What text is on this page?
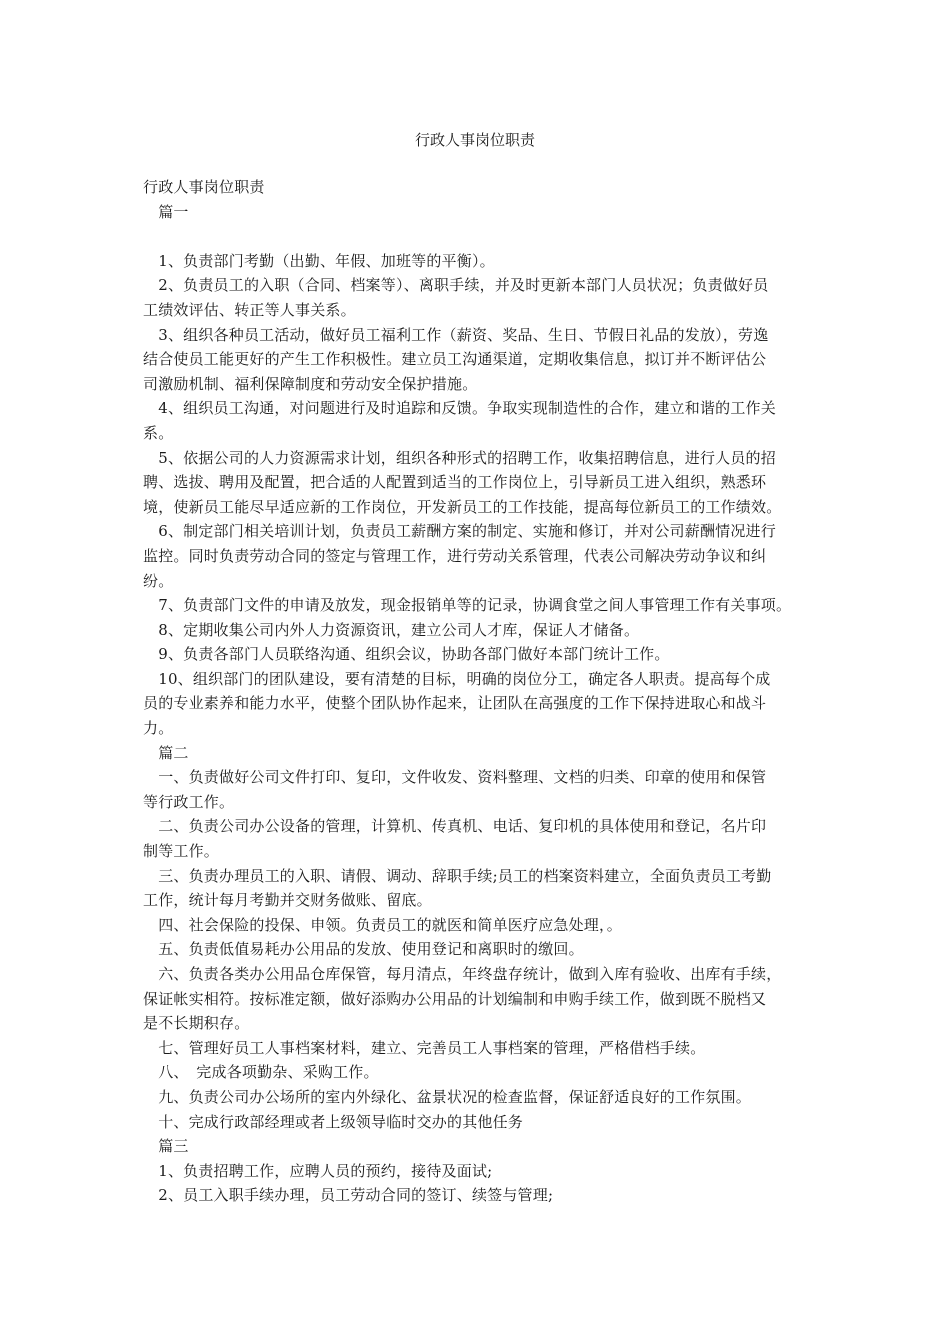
行政人事岗位职责
行政人事岗位职责
　篇一
　1、负责部门考勤（出勤、年假、加班等的平衡）。
　2、负责员工的入职（合同、档案等）、离职手续，并及时更新本部门人员状况；负责做好员
工绩效评估、转正等人事关系。
　3、组织各种员工活动，做好员工福利工作（薪资、奖品、生日、节假日礼品的发放），劳逸
结合使员工能更好的产生工作积极性。建立员工沟通渠道，定期收集信息，拟订并不断评估公
司激励机制、福利保障制度和劳动安全保护措施。
　4、组织员工沟通，对问题进行及时追踪和反馈。争取实现制造性的合作，建立和谐的工作关
系。
　5、依据公司的人力资源需求计划，组织各种形式的招聘工作，收集招聘信息，进行人员的招
聘、选拔、聘用及配置，把合适的人配置到适当的工作岗位上，引导新员工进入组织，熟悉环
境，使新员工能尽早适应新的工作岗位，开发新员工的工作技能，提高每位新员工的工作绩效。
　6、制定部门相关培训计划，负责员工薪酬方案的制定、实施和修订，并对公司薪酬情况进行
监控。同时负责劳动合同的签定与管理工作，进行劳动关系管理，代表公司解决劳动争议和纠
纷。
　7、负责部门文件的申请及放发，现金报销单等的记录，协调食堂之间人事管理工作有关事项。
　8、定期收集公司内外人力资源资讯，建立公司人才库，保证人才储备。
　9、负责各部门人员联络沟通、组织会议，协助各部门做好本部门统计工作。
　10、组织部门的团队建设，要有清楚的目标，明确的岗位分工，确定各人职责。提高每个成
员的专业素养和能力水平，使整个团队协作起来，让团队在高强度的工作下保持进取心和战斗
力。
　篇二
　一、负责做好公司文件打印、复印，文件收发、资料整理、文档的归类、印章的使用和保管
等行政工作。
　二、负责公司办公设备的管理，计算机、传真机、电话、复印机的具体使用和登记，名片印
制等工作。
　三、负责办理员工的入职、请假、调动、辞职手续;员工的档案资料建立，全面负责员工考勤
工作，统计每月考勤并交财务做账、留底。
　四、社会保险的投保、申领。负责员工的就医和简单医疗应急处理，。
　五、负责低值易耗办公用品的发放、使用登记和离职时的缴回。
　六、负责各类办公用品仓库保管，每月清点，年终盘存统计，做到入库有验收、出库有手续，
保证帐实相符。按标准定额，做好添购办公用品的计划编制和申购手续工作，做到既不脱档又
是不长期积存。
　七、管理好员工人事档案材料，建立、完善员工人事档案的管理，严格借档手续。
　八、　完成各项勤杂、采购工作。
　九、负责公司办公场所的室内外绿化、盆景状况的检查监督，保证舒适良好的工作氛围。
　十、完成行政部经理或者上级领导临时交办的其他任务
　篇三
　1、负责招聘工作，应聘人员的预约，接待及面试;
　2、员工入职手续办理，员工劳动合同的签订、续签与管理;
